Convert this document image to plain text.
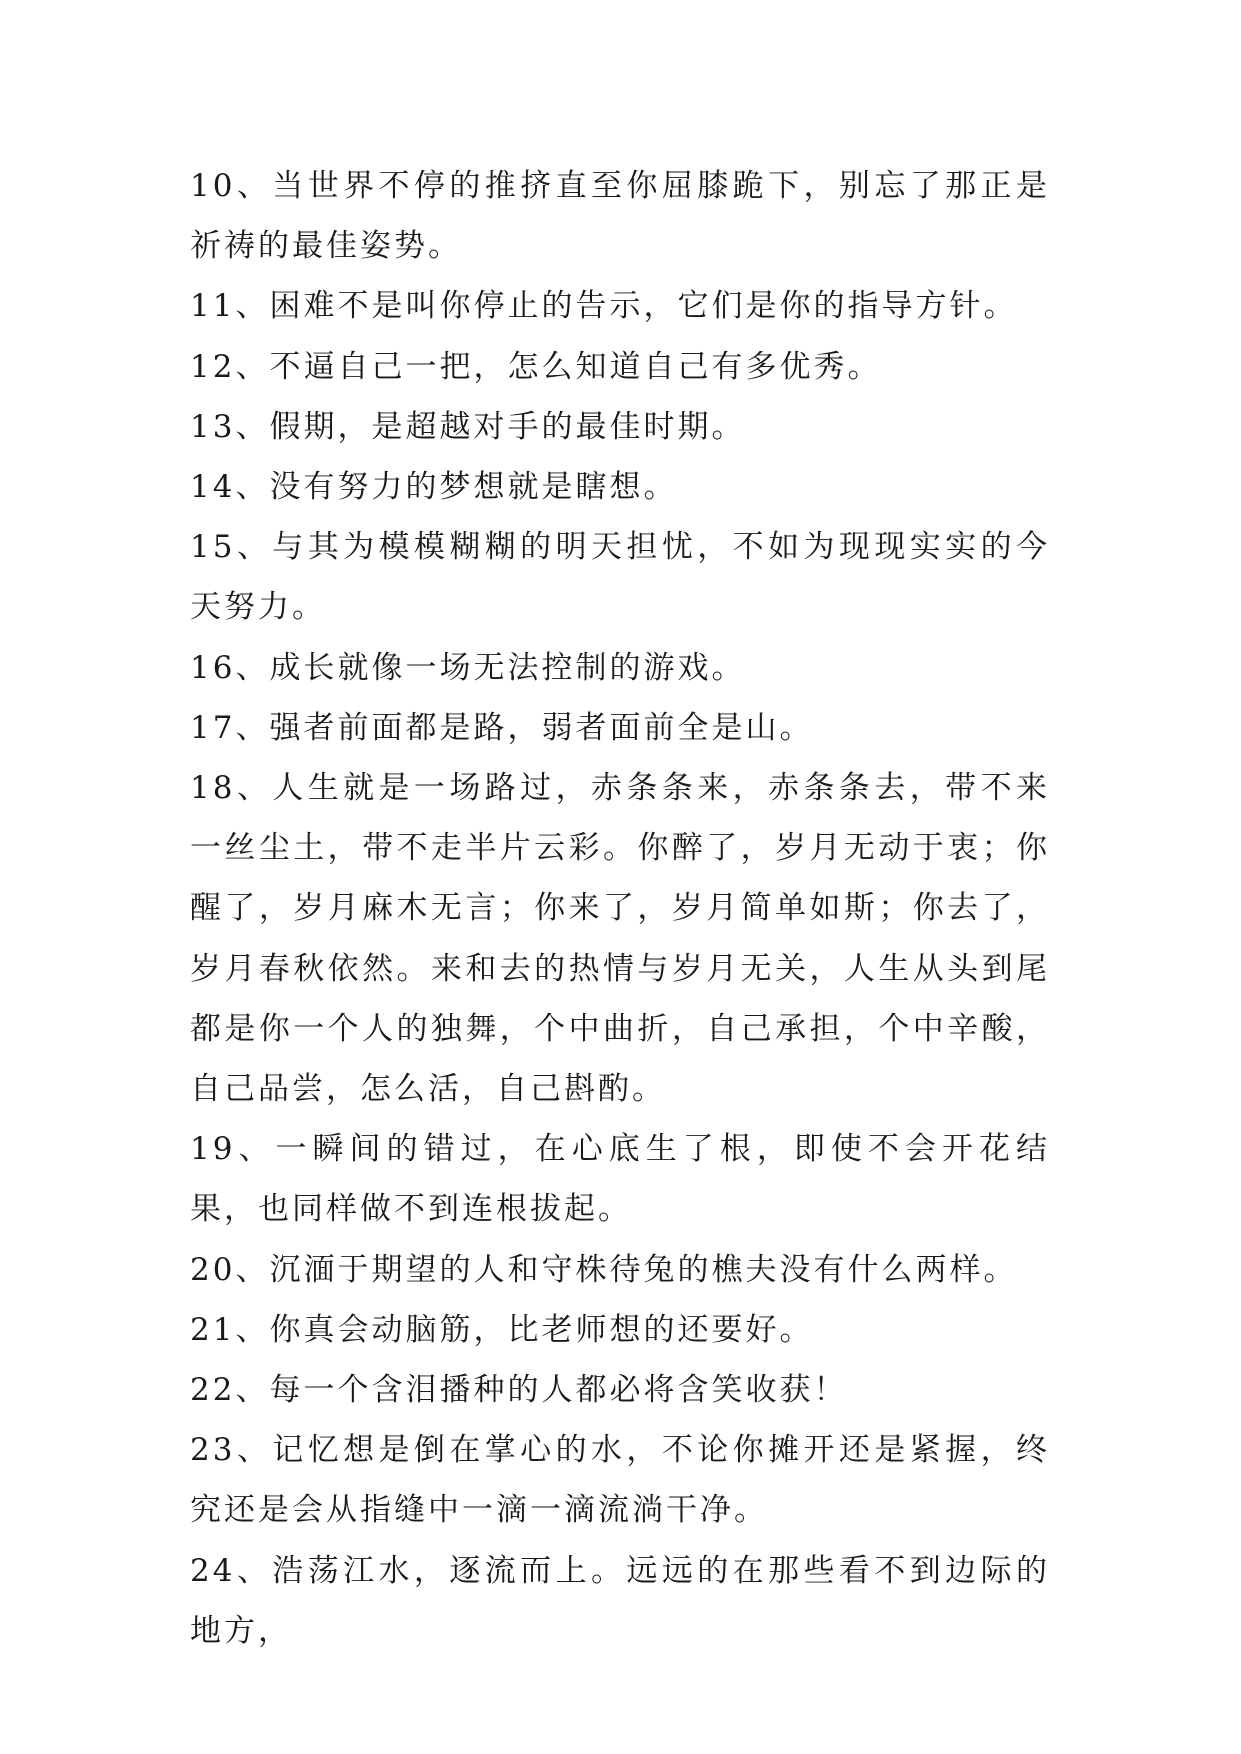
10、当世界不停的推挤直至你屈膝跪下，别忘了那正是祈祷的最佳姿势。

11、困难不是叫你停止的告示，它们是你的指导方针。

12、不逼自己一把，怎么知道自己有多优秀。

13、假期，是超越对手的最佳时期。

14、没有努力的梦想就是瞎想。

15、与其为模模糊糊的明天担忧，不如为现现实实的今天努力。

16、成长就像一场无法控制的游戏。

17、强者前面都是路，弱者面前全是山。

18、人生就是一场路过，赤条条来，赤条条去，带不来一丝尘土，带不走半片云彩。你醉了，岁月无动于衷；你醒了，岁月麻木无言；你来了，岁月简单如斯；你去了，岁月春秋依然。来和去的热情与岁月无关，人生从头到尾都是你一个人的独舞，个中曲折，自己承担，个中辛酸，自己品尝，怎么活，自己斟酌。

19、一瞬间的错过，在心底生了根，即使不会开花结果，也同样做不到连根拔起。

20、沉湎于期望的人和守株待兔的樵夫没有什么两样。

21、你真会动脑筋，比老师想的还要好。

22、每一个含泪播种的人都必将含笑收获！

23、记忆想是倒在掌心的水，不论你摊开还是紧握，终究还是会从指缝中一滴一滴流淌干净。

24、浩荡江水，逐流而上。远远的在那些看不到边际的地方，
